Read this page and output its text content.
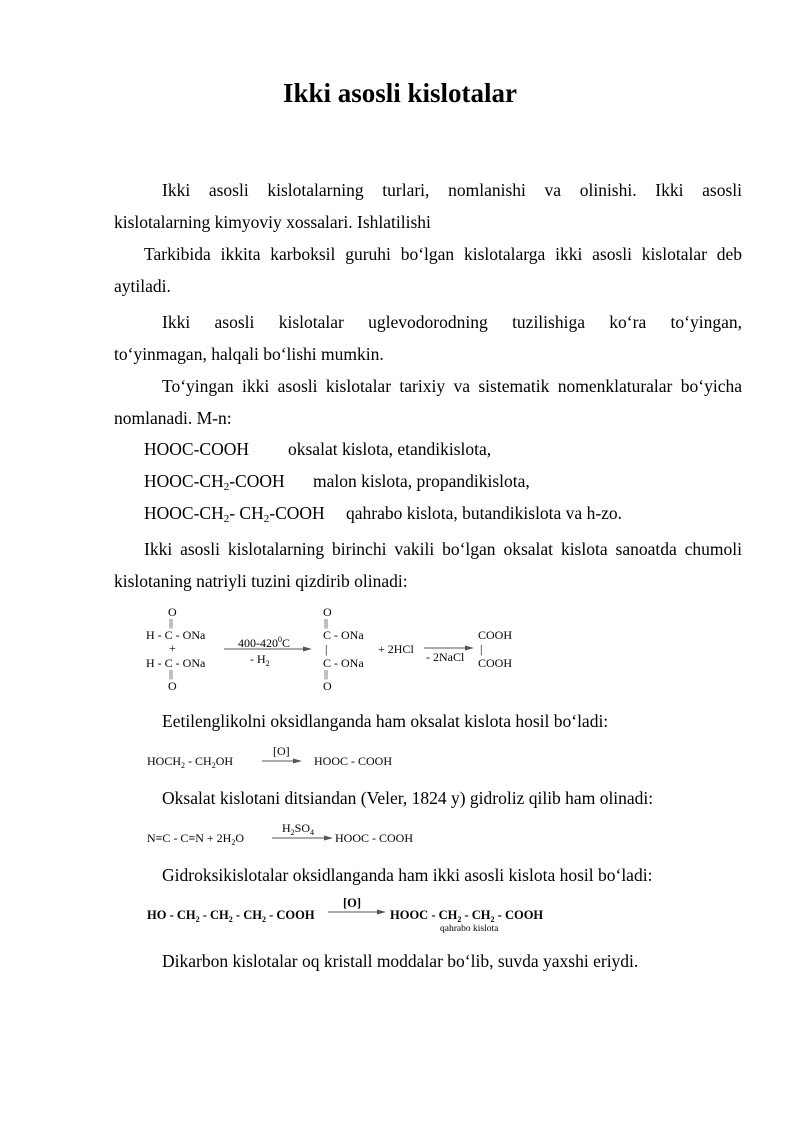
Ikki asosli kislotalar

Ikki asosli kislotalarning turlari, nomlanishi va olinishi. Ikki asosli

kislotalarning kimyoviy xossalari. Ishlatilishi

Tarkibida ikkita karboksil guruhi bo‘lgan kislotalarga ikki asosli kislotalar deb

aytiladi.

Ikki asosli kislotalar uglevodorodning tuzilishiga ko‘ra to‘yingan,

to‘yinmagan, halqali bo‘lishi mumkin.

To‘yingan ikki asosli kislotalar tarixiy va sistematik nomenklaturalar bo‘yicha

nomlanadi. M-n:

HOOC-COOH oksalat kislota, etandikislota,
HOOC-$CH_2$-COOH malon kislota, propandikislota,
HOOC-$CH_2-$ $CH_2$-COOH qahrabo kislota, butandikislota va h-zo.

Ikki asosli kislotalarning birinchi vakili bo‘lgan oksalat kislota sanoatda chumoli

kislotaning natriyli tuzini qizdirib olinadi:

O
||
H - C - ONa
+
H - C - ONa
||
O
$400-420^0C$
- $H_2$
O
||
C - ONa
|
C - ONa
||
O
+ 2HCl
- 2NaCl
COOH
|
COOH

Eetilenglikolni oksidlanganda ham oksalat kislota hosil bo‘ladi:

$HOCH_2 - CH_2OH$
[O]
HOOC - COOH

Oksalat kislotani ditsiandan (Veler, 1824 y) gidroliz qilib ham olinadi:

$N\equiv C - C\equiv N + 2H_2O$
$H_2SO_4$ HOOC - COOH

Gidroksikislotalar oksidlanganda ham ikki asosli kislota hosil bo‘ladi:

HO - $CH_2 - CH_2 - CH_2$ - COOH
[O]
HOOC - $CH_2 - CH_2$ - COOH
qahrabo kislota

Dikarbon kislotalar oq kristall moddalar bo‘lib, suvda yaxshi eriydi.
